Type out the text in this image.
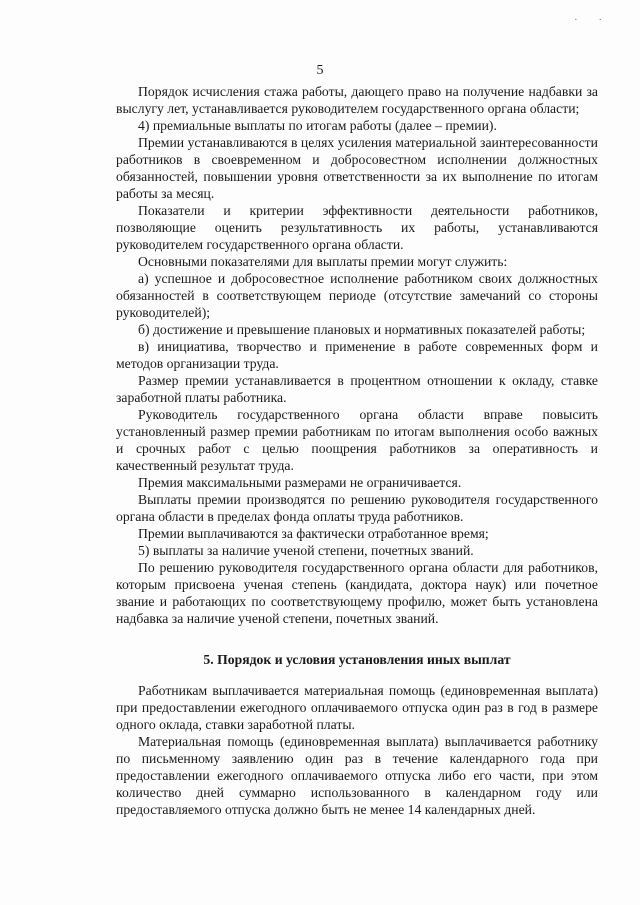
· ·
5

Порядок исчисления стажа работы, дающего право на получение надбавки за выслугу лет, устанавливается руководителем государственного органа области;

4) премиальные выплаты по итогам работы (далее – премии).

Премии устанавливаются в целях усиления материальной заинтересованности работников в своевременном и добросовестном исполнении должностных обязанностей, повышении уровня ответственности за их выполнение по итогам работы за месяц.

Показатели и критерии эффективности деятельности работников, позволяющие оценить результативность их работы, устанавливаются руководителем государственного органа области.

Основными показателями для выплаты премии могут служить:

а) успешное и добросовестное исполнение работником своих должностных обязанностей в соответствующем периоде (отсутствие замечаний со стороны руководителей);

б) достижение и превышение плановых и нормативных показателей работы;

в) инициатива, творчество и применение в работе современных форм и методов организации труда.

Размер премии устанавливается в процентном отношении к окладу, ставке заработной платы работника.

Руководитель государственного органа области вправе повысить установленный размер премии работникам по итогам выполнения особо важных и срочных работ с целью поощрения работников за оперативность и качественный результат труда.

Премия максимальными размерами не ограничивается.

Выплаты премии производятся по решению руководителя государственного органа области в пределах фонда оплаты труда работников.

Премии выплачиваются за фактически отработанное время;

5) выплаты за наличие ученой степени, почетных званий.

По решению руководителя государственного органа области для работников, которым присвоена ученая степень (кандидата, доктора наук) или почетное звание и работающих по соответствующему профилю, может быть установлена надбавка за наличие ученой степени, почетных званий.

5. Порядок и условия установления иных выплат

Работникам выплачивается материальная помощь (единовременная выплата) при предоставлении ежегодного оплачиваемого отпуска один раз в год в размере одного оклада, ставки заработной платы.

Материальная помощь (единовременная выплата) выплачивается работнику по письменному заявлению один раз в течение календарного года при предоставлении ежегодного оплачиваемого отпуска либо его части, при этом количество дней суммарно использованного в календарном году или предоставляемого отпуска должно быть не менее 14 календарных дней.
